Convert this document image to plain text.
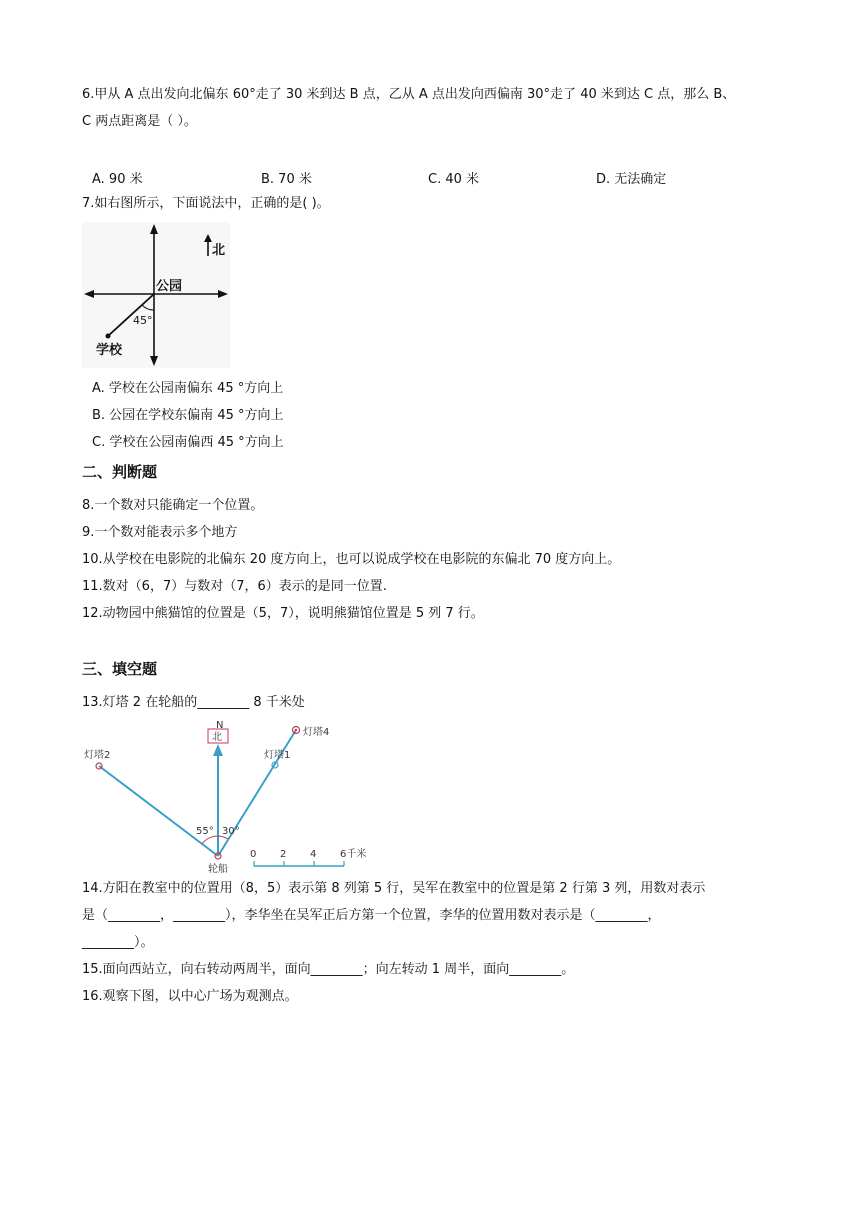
6.甲从 A 点出发向北偏东 60°走了 30 米到达 B 点，乙从 A 点出发向西偏南 30°走了 40 米到达 C 点，那么 B、
C 两点距离是（ ）。
A. 90 米	B. 70 米	C. 40 米	D. 无法确定
7.如右图所示，下面说法中，正确的是( )。
北
45°
公园
学校
A. 学校在公园南偏东 45 °方向上
B. 公园在学校东偏南 45 °方向上
C. 学校在公园南偏西 45 °方向上
二、判断题
8.一个数对只能确定一个位置。
9.一个数对能表示多个地方
10.从学校在电影院的北偏东 20 度方向上，也可以说成学校在电影院的东偏北 70 度方向上。
11.数对（6，7）与数对（7，6）表示的是同一位置.
12.动物园中熊猫馆的位置是（5，7），说明熊猫馆位置是 5 列 7 行。
三、填空题
13.灯塔 2 在轮船的________ 8 千米处
N
北
灯塔2
灯塔4
灯塔1
55° 30°
轮船
0 2 4 6千米
14.方阳在教室中的位置用（8，5）表示第 8 列第 5 行，吴军在教室中的位置是第 2 行第 3 列，用数对表示
是（________，________），李华坐在吴军正后方第一个位置，李华的位置用数对表示是（________，
________）。
15.面向西站立，向右转动两周半，面向________；向左转动 1 周半，面向________。
16.观察下图，以中心广场为观测点。
